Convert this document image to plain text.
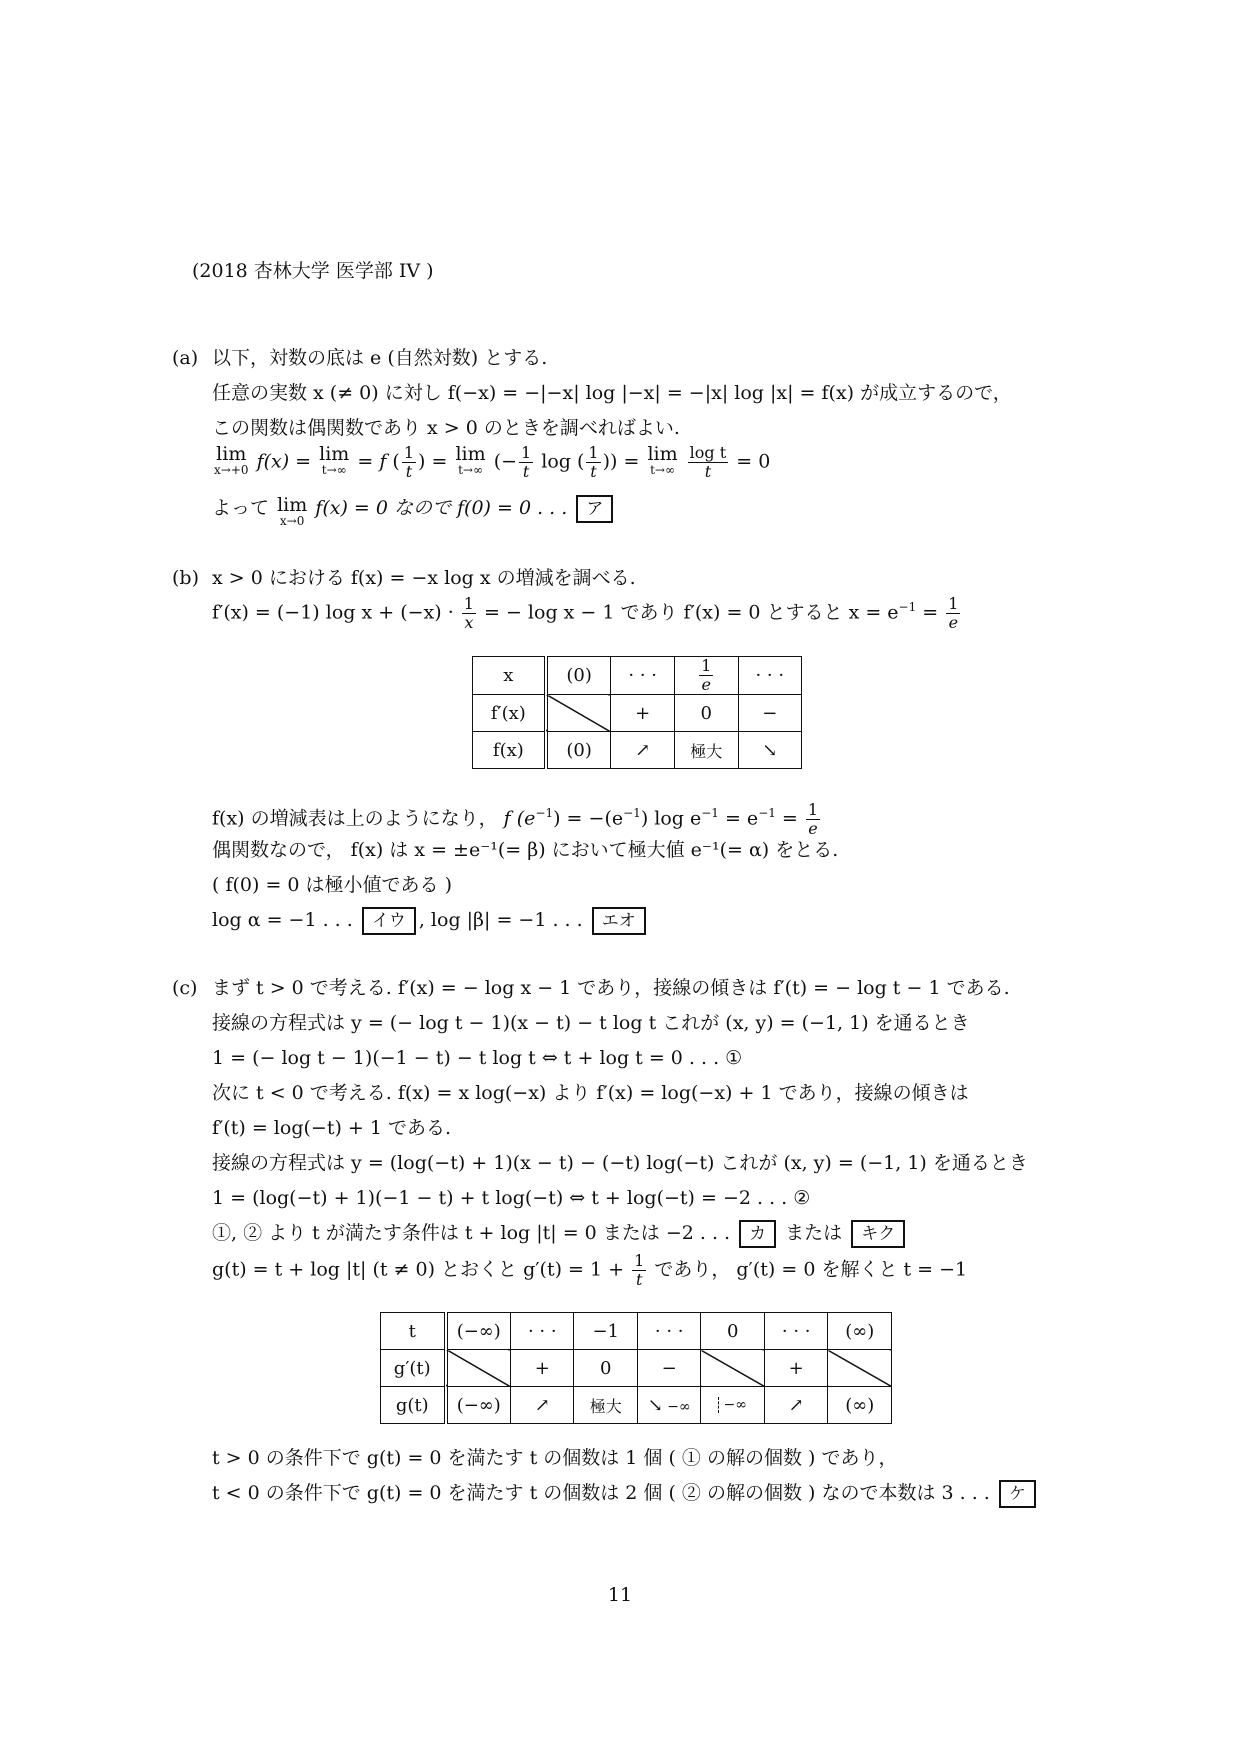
(2018 杏林大学 医学部 IV )
(a) 以下，対数の底は e (自然対数) とする.
任意の実数 x (≠ 0) に対し f(−x) = −|−x| log |−x| = −|x| log |x| = f(x) が成立するので，
この関数は偶関数であり x > 0 のときを調べればよい.
lim
x→+0 f(x) = lim
t→∞ = f ( $\frac{1}{t}$ ) = lim
t→∞ (− $\frac{1}{t}$ log ( $\frac{1}{t}$ )) = lim
t→∞
$\frac{\text{log t}}{t} = 0$
よって lim
x→0
f(x) = 0 なので f(0) = 0 . . . ア
(b) x > 0 における f(x) = −x log x の増減を調べる.
f′(x) = (−1) $\log x + (-x) \cdot \frac{1}{x}$ = − log x − 1 であり f′(x) = 0 とすると $x = e^{-1} = \frac{1}{e}$
x	(0)	· · ·	$\frac{1}{e}$	· · ·
f′(x)		+	0	−
f(x)	(0)	↗	極大	↘
f(x) の増減表は上のようになり， f $(e^{-1}) = -(e^{-1})$ $\log e^{-1} = e^{-1} = \frac{1}{e}$
偶関数なので， f(x) は x = ±e⁻¹(= β) において極大値 e⁻¹(= α) をとる.
( f(0) = 0 は極小値である )
log α = −1 . . . イウ , log |β| = −1 . . . エオ
(c) まず t > 0 で考える. f′(x) = − log x − 1 であり，接線の傾きは f′(t) = − log t − 1 である.
接線の方程式は y = (− log t − 1)(x − t) − t log t これが (x, y) = (−1, 1) を通るとき
1 = (− log t − 1)(−1 − t) − t log t ⇔ t + log t = 0 . . . ①
次に t < 0 で考える. f(x) = x log(−x) より f′(x) = log(−x) + 1 であり，接線の傾きは
f′(t) = log(−t) + 1 である.
接線の方程式は y = (log(−t) + 1)(x − t) − (−t) log(−t) これが (x, y) = (−1, 1) を通るとき
1 = (log(−t) + 1)(−1 − t) + t log(−t) ⇔ t + log(−t) = −2 . . . ②
①, ② より t が満たす条件は t + log |t| = 0 または −2 . . . カ または キク
g(t) = t + log |t| (t ≠ 0) とおくと $g'(t) = 1 + \frac{1}{t}$ であり， g′(t) = 0 を解くと t = −1
t	(−∞)	· · ·	−1	· · ·	0	· · ·	(∞)
g′(t)		+	0	−		+	
g(t)	(−∞)	↗	極大	↘ −∞	−∞	↗	(∞)
t > 0 の条件下で g(t) = 0 を満たす t の個数は 1 個 ( ① の解の個数 ) であり，
t < 0 の条件下で g(t) = 0 を満たす t の個数は 2 個 ( ② の解の個数 ) なので本数は 3 . . . ケ
11
